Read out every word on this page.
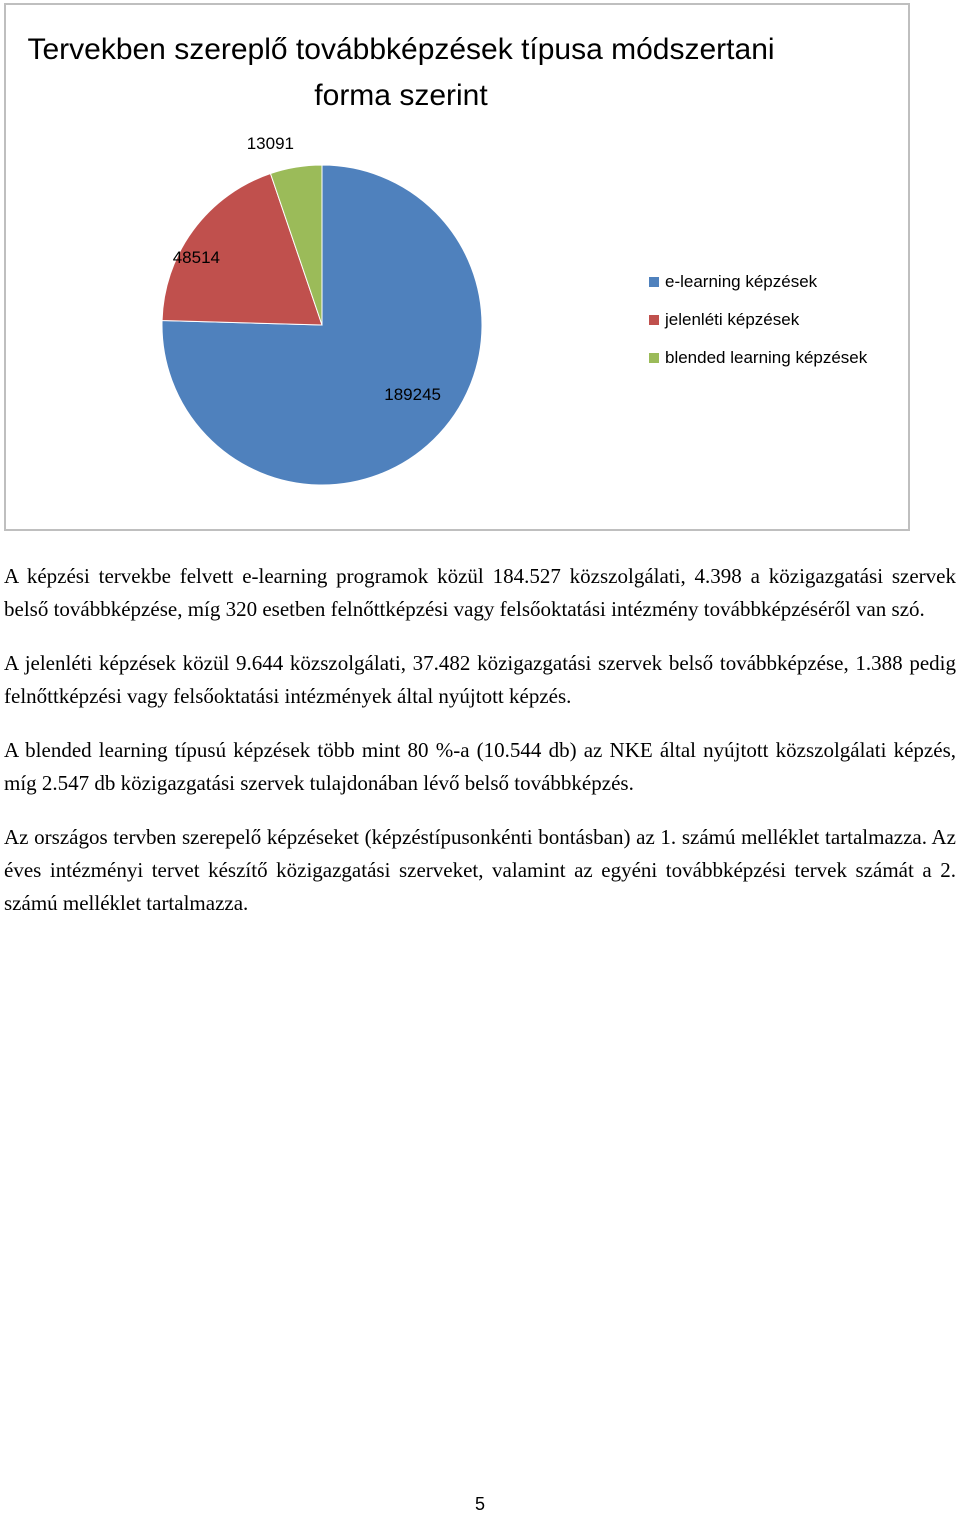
Tervekben szereplő továbbképzések típusa módszertani forma szerint
189245
48514
13091
e-learning képzések
jelenléti képzések
blended learning képzések

A képzési tervekbe felvett e-learning programok közül 184.527 közszolgálati, 4.398 a közigazgatási szervek belső továbbképzése, míg 320 esetben felnőttképzési vagy felsőoktatási intézmény továbbképzéséről van szó.

A jelenléti képzések közül 9.644 közszolgálati, 37.482 közigazgatási szervek belső továbbképzése, 1.388 pedig felnőttképzési vagy felsőoktatási intézmények által nyújtott képzés.

A blended learning típusú képzések több mint 80 %-a (10.544 db) az NKE által nyújtott közszolgálati képzés, míg 2.547 db közigazgatási szervek tulajdonában lévő belső továbbképzés.

Az országos tervben szerepelő képzéseket (képzéstípusonkénti bontásban) az 1. számú melléklet tartalmazza. Az éves intézményi tervet készítő közigazgatási szerveket, valamint az egyéni továbbképzési tervek számát a 2. számú melléklet tartalmazza.

5
